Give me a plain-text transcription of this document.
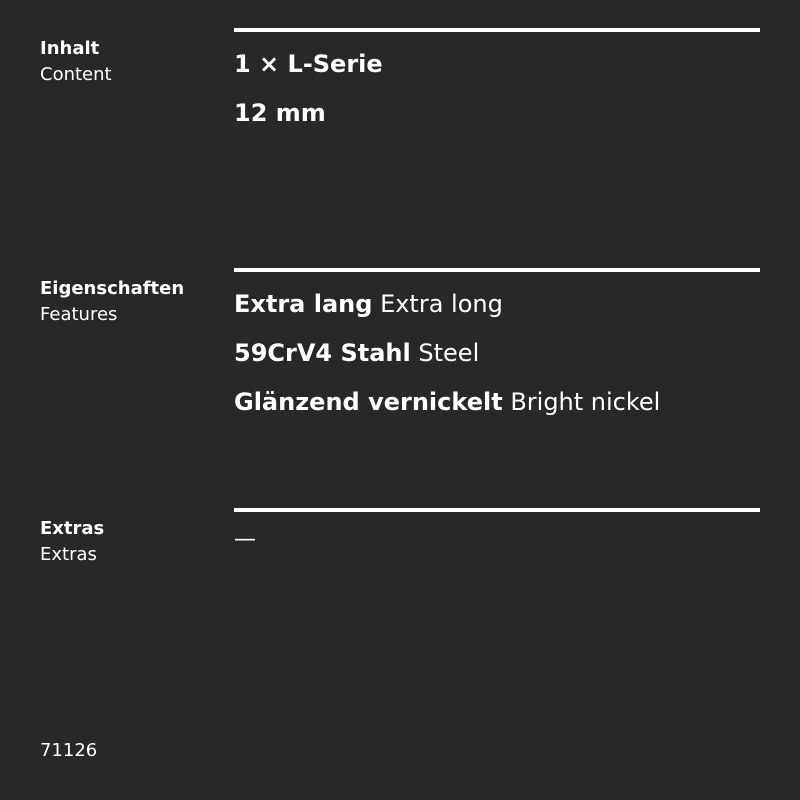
Inhalt
Content	1 × L-Serie
12 mm
Eigenschaften
Features	Extra lang Extra long
59CrV4 Stahl Steel
Glänzend vernickelt Bright nickel
Extras
Extras
—
71126
